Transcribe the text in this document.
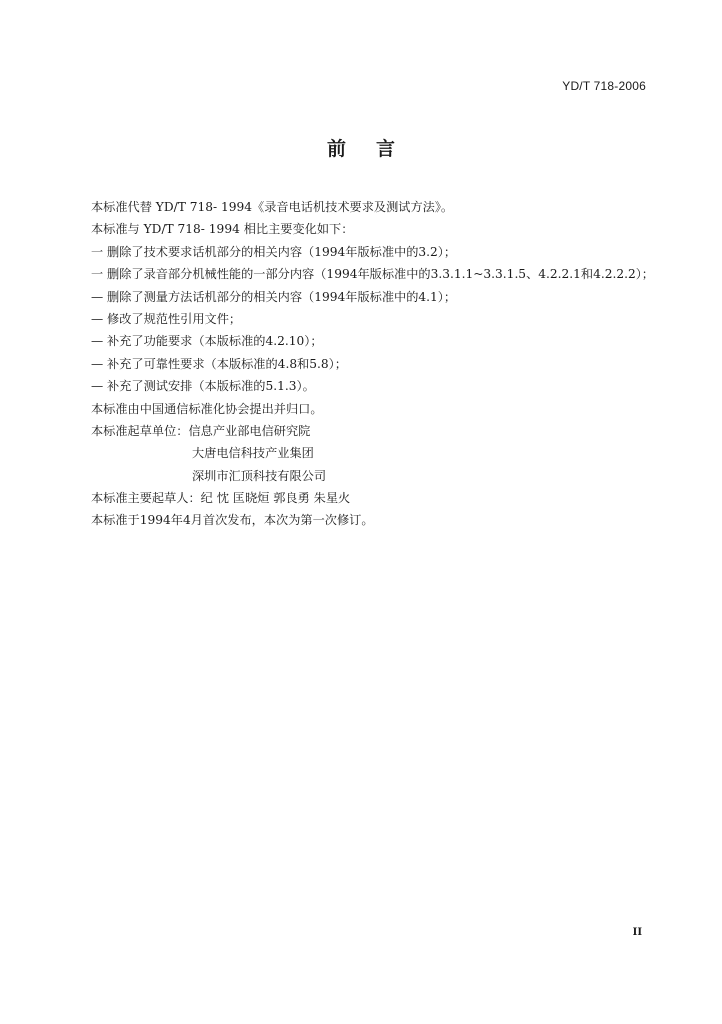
YD/T 718-2006
前言
本标准代替 YD/T 718- 1994《录音电话机技术要求及测试方法》。
本标准与 YD/T 718- 1994 相比主要变化如下：
一 删除了技术要求话机部分的相关内容（1994年版标准中的3.2）；
一 删除了录音部分机械性能的一部分内容（1994年版标准中的3.3.1.1~3.3.1.5、4.2.2.1和4.2.2.2）；
— 删除了测量方法话机部分的相关内容（1994年版标准中的4.1）；
— 修改了规范性引用文件；
— 补充了功能要求（本版标准的4.2.10）；
— 补充了可靠性要求（本版标准的4.8和5.8）；
— 补充了测试安排（本版标准的5.1.3）。
本标准由中国通信标准化协会提出并归口。
本标准起草单位：信息产业部电信研究院
大唐电信科技产业集团
深圳市汇顶科技有限公司
本标准主要起草人：纪 忱 匡晓烜 郭良勇 朱星火
本标准于1994年4月首次发布，本次为第一次修订。
II
